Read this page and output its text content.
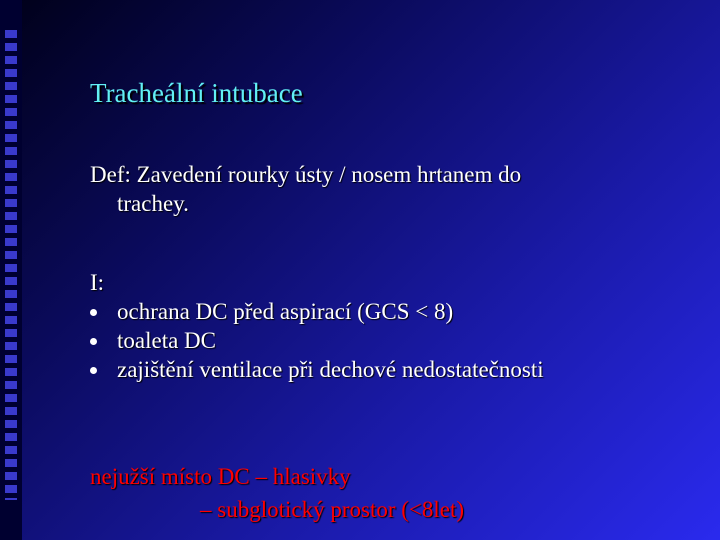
Tracheální intubace
Def: Zavedení rourky ústy / nosem hrtanem do
trachey.
I:
ochrana DC před aspirací (GCS < 8)
toaleta DC
zajištění ventilace při dechové nedostatečnosti
nejužší místo DC – hlasivky
– subglotický prostor (<8let)
